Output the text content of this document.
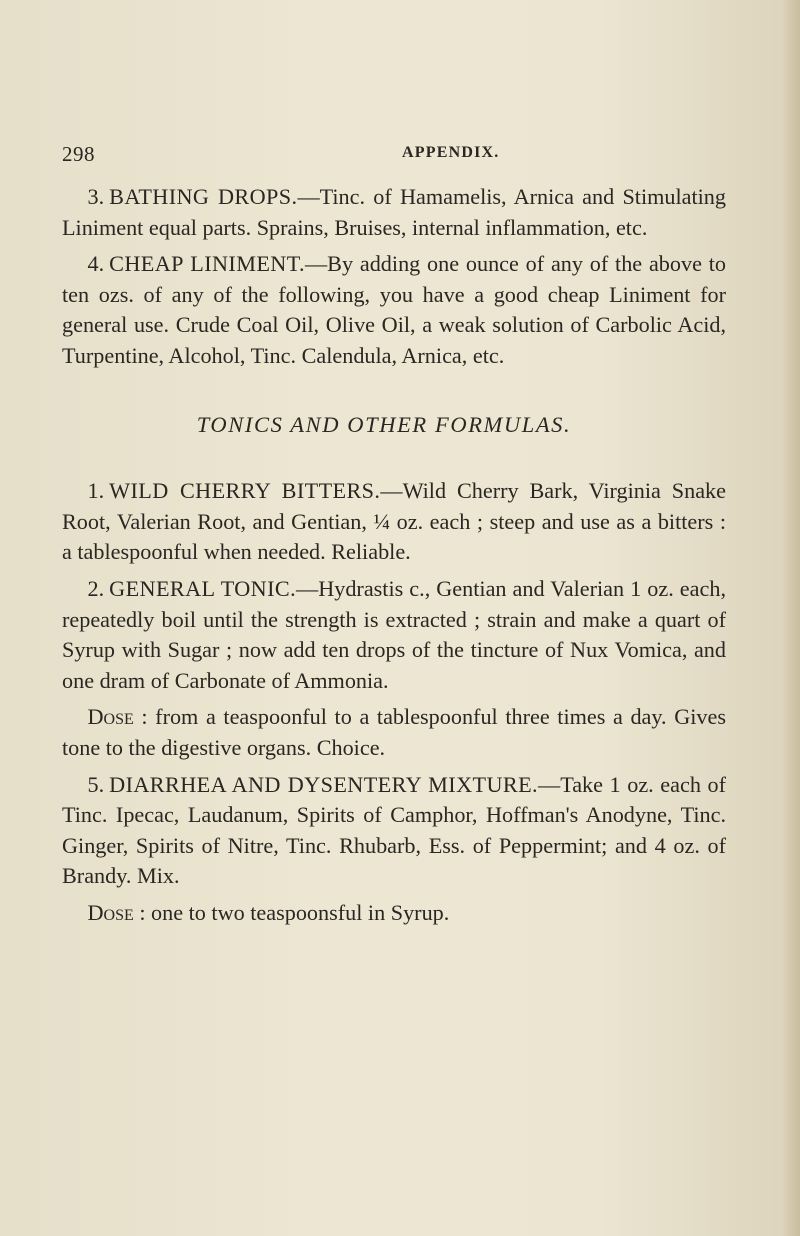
298	APPENDIX.

3. BATHING DROPS.—Tinc. of Hamamelis, Arnica and Stimulating Liniment equal parts. Sprains, Bruises, internal inflammation, etc.

4. CHEAP LINIMENT.—By adding one ounce of any of the above to ten ozs. of any of the following, you have a good cheap Liniment for general use. Crude Coal Oil, Olive Oil, a weak solution of Carbolic Acid, Turpentine, Alcohol, Tinc. Calendula, Arnica, etc.

TONICS AND OTHER FORMULAS.

1. WILD CHERRY BITTERS.—Wild Cherry Bark, Virginia Snake Root, Valerian Root, and Gentian, ¼ oz. each ; steep and use as a bitters : a tablespoonful when needed. Reliable.

2. GENERAL TONIC.—Hydrastis c., Gentian and Valerian 1 oz. each, repeatedly boil until the strength is extracted ; strain and make a quart of Syrup with Sugar ; now add ten drops of the tincture of Nux Vomica, and one dram of Carbonate of Ammonia.

Dose : from a teaspoonful to a tablespoonful three times a day. Gives tone to the digestive organs. Choice.

5. DIARRHEA AND DYSENTERY MIXTURE.—Take 1 oz. each of Tinc. Ipecac, Laudanum, Spirits of Camphor, Hoffman's Anodyne, Tinc. Ginger, Spirits of Nitre, Tinc. Rhubarb, Ess. of Peppermint; and 4 oz. of Brandy. Mix.

Dose : one to two teaspoonsful in Syrup.
